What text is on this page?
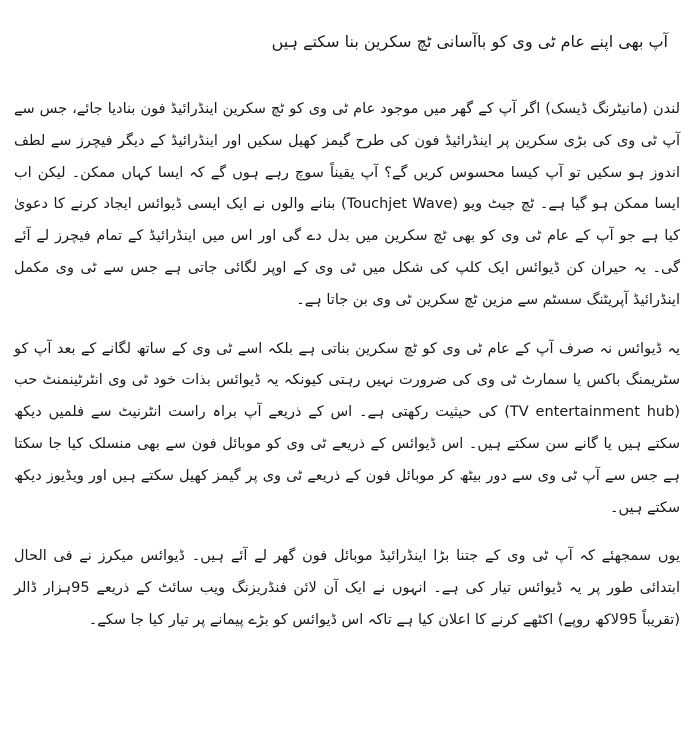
آپ بھی اپنے عام ٹی وی کو باآسانی ٹچ سکرین بنا سکتے ہیں

لندن (مانیٹرنگ ڈیسک) اگر آپ کے گھر میں موجود عام ٹی وی کو ٹچ سکرین اینڈرائیڈ فون بنادیا جائے، جس سے آپ ٹی وی کی بڑی سکرین پر اینڈرائیڈ فون کی طرح گیمز کھیل سکیں اور اینڈرائیڈ کے دیگر فیچرز سے لطف اندوز ہو سکیں تو آپ کیسا محسوس کریں گے؟ آپ یقیناً سوچ رہے ہوں گے کہ ایسا کہاں ممکن۔ لیکن اب ایسا ممکن ہو گیا ہے۔ ٹچ جیٹ ویو (Touchjet Wave) بنانے والوں نے ایک ایسی ڈیوائس ایجاد کرنے کا دعویٰ کیا ہے جو آپ کے عام ٹی وی کو بھی ٹچ سکرین میں بدل دے گی اور اس میں اینڈرائیڈ کے تمام فیچرز لے آئے گی۔ یہ حیران کن ڈیوائس ایک کلپ کی شکل میں ٹی وی کے اوپر لگائی جاتی ہے جس سے ٹی وی مکمل اینڈرائیڈ آپریٹنگ سسٹم سے مزین ٹچ سکرین ٹی وی بن جاتا ہے۔

یہ ڈیوائس نہ صرف آپ کے عام ٹی وی کو ٹچ سکرین بناتی ہے بلکہ اسے ٹی وی کے ساتھ لگانے کے بعد آپ کو سٹریمنگ باکس یا سمارٹ ٹی وی کی ضرورت نہیں رہتی کیونکہ یہ ڈیوائس بذات خود ٹی وی انٹرٹینمنٹ حب (TV entertainment hub) کی حیثیت رکھتی ہے۔ اس کے ذریعے آپ براہ راست انٹرنیٹ سے فلمیں دیکھ سکتے ہیں یا گانے سن سکتے ہیں۔ اس ڈیوائس کے ذریعے ٹی وی کو موبائل فون سے بھی منسلک کیا جا سکتا ہے جس سے آپ ٹی وی سے دور بیٹھ کر موبائل فون کے ذریعے ٹی وی پر گیمز کھیل سکتے ہیں اور ویڈیوز دیکھ سکتے ہیں۔

یوں سمجھئے کہ آپ ٹی وی کے جتنا بڑا اینڈرائیڈ موبائل فون گھر لے آئے ہیں۔ ڈیوائس میکرز نے فی الحال ابتدائی طور پر یہ ڈیوائس تیار کی ہے۔ انہوں نے ایک آن لائن فنڈریزنگ ویب سائٹ کے ذریعے 95ہزار ڈالر (تقریباً 95لاکھ روپے) اکٹھے کرنے کا اعلان کیا ہے تاکہ اس ڈیوائس کو بڑے پیمانے پر تیار کیا جا سکے۔
